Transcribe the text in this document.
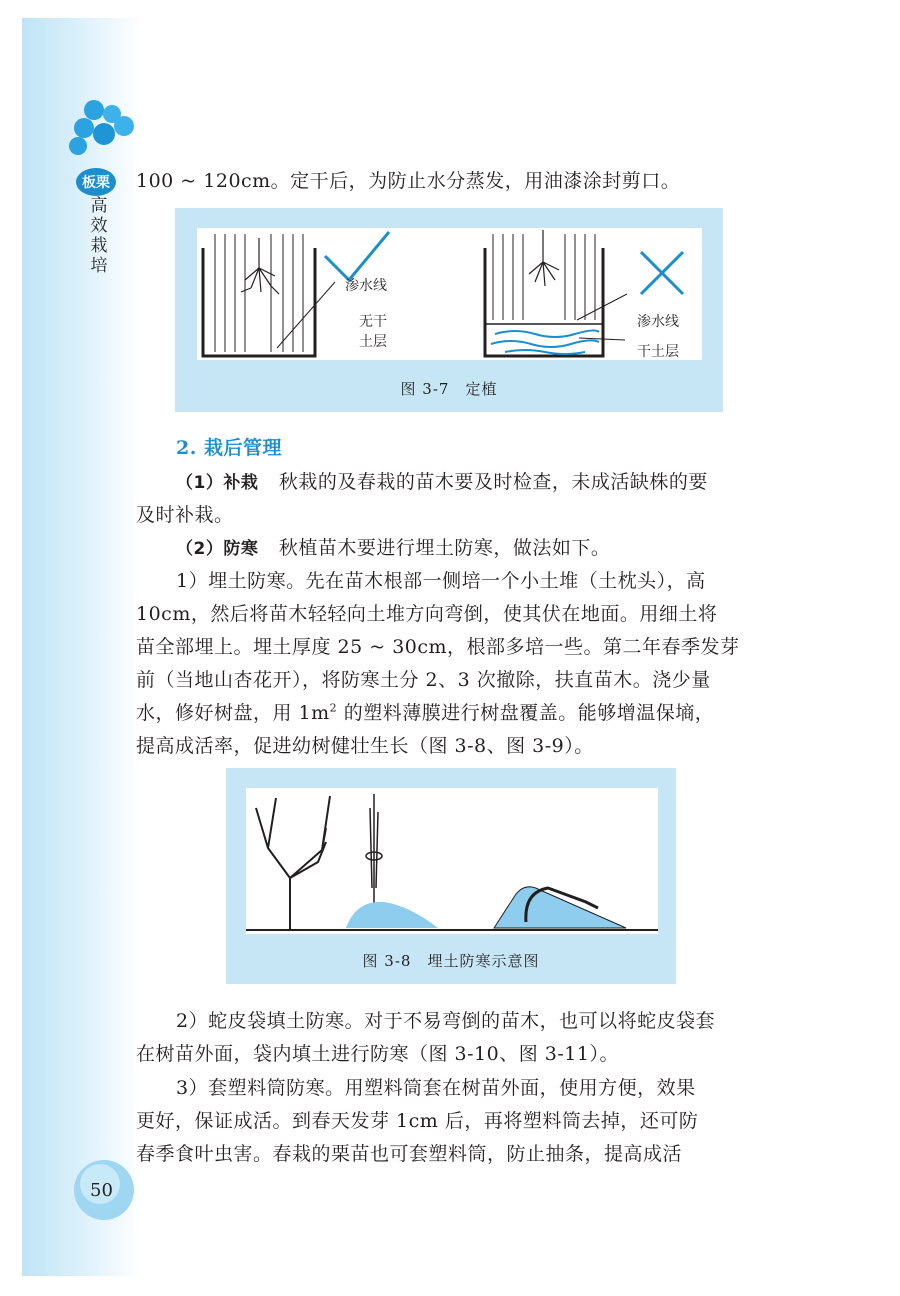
板栗
高
效
栽
培
100 ~ 120cm。定干后，为防止水分蒸发，用油漆涂封剪口。
渗水线
无干
土层
渗水线
干土层
图 3-7　定植
2. 栽后管理
（1）补栽 秋栽的及春栽的苗木要及时检查，未成活缺株的要
及时补栽。
（2）防寒 秋植苗木要进行埋土防寒，做法如下。
1）埋土防寒。先在苗木根部一侧培一个小土堆（土枕头），高
10cm，然后将苗木轻轻向土堆方向弯倒，使其伏在地面。用细土将
苗全部埋上。埋土厚度 25 ~ 30cm，根部多培一些。第二年春季发芽
前（当地山杏花开），将防寒土分 2、3 次撤除，扶直苗木。浇少量
水，修好树盘，用 $1m^2$ 的塑料薄膜进行树盘覆盖。能够增温保墒，
提高成活率，促进幼树健壮生长（图 3-8、图 3-9）。
图 3-8　埋土防寒示意图
2）蛇皮袋填土防寒。对于不易弯倒的苗木，也可以将蛇皮袋套
在树苗外面，袋内填土进行防寒（图 3-10、图 3-11）。
3）套塑料筒防寒。用塑料筒套在树苗外面，使用方便，效果
更好，保证成活。到春天发芽 1cm 后，再将塑料筒去掉，还可防
春季食叶虫害。春栽的栗苗也可套塑料筒，防止抽条，提高成活
50
